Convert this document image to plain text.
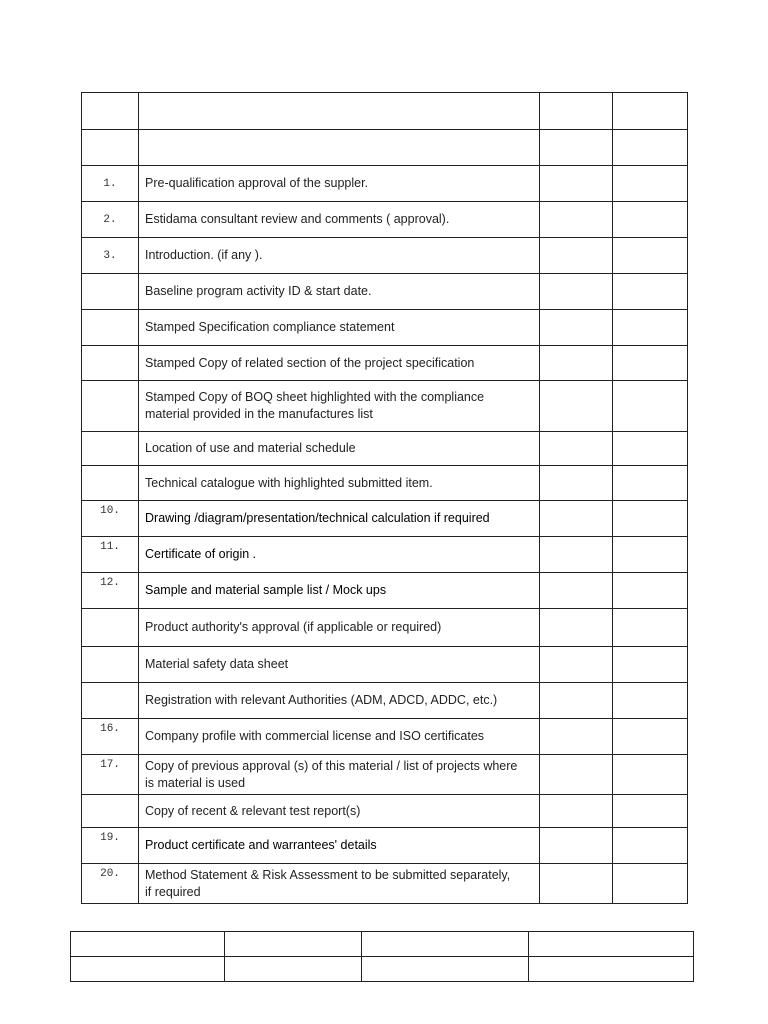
1.	Pre-qualification approval of the suppler.		
2.	Estidama consultant review and comments ( approval).		
3.	Introduction. (if any ).		
	Baseline program activity ID & start date.		
	Stamped Specification compliance statement		
	Stamped Copy of related section of the project specification		
	Stamped Copy of BOQ sheet highlighted with the compliance material provided in the manufactures list		
	Location of use and material schedule		
	Technical catalogue with highlighted submitted item.		
10.	Drawing /diagram/presentation/technical calculation if required		
11.	Certificate of origin .		
12.	Sample and material sample list / Mock ups		
	Product authority's approval (if applicable or required)		
	Material safety data sheet		
	Registration with relevant Authorities (ADM, ADCD, ADDC, etc.)		
16.	Company profile with commercial license and ISO certificates		
17.	Copy of previous approval (s) of this material / list of projects where is material is used		
	Copy of recent & relevant test report(s)		
19.	Product certificate and warrantees' details		
20.	Method Statement & Risk Assessment to be submitted separately, if required		
